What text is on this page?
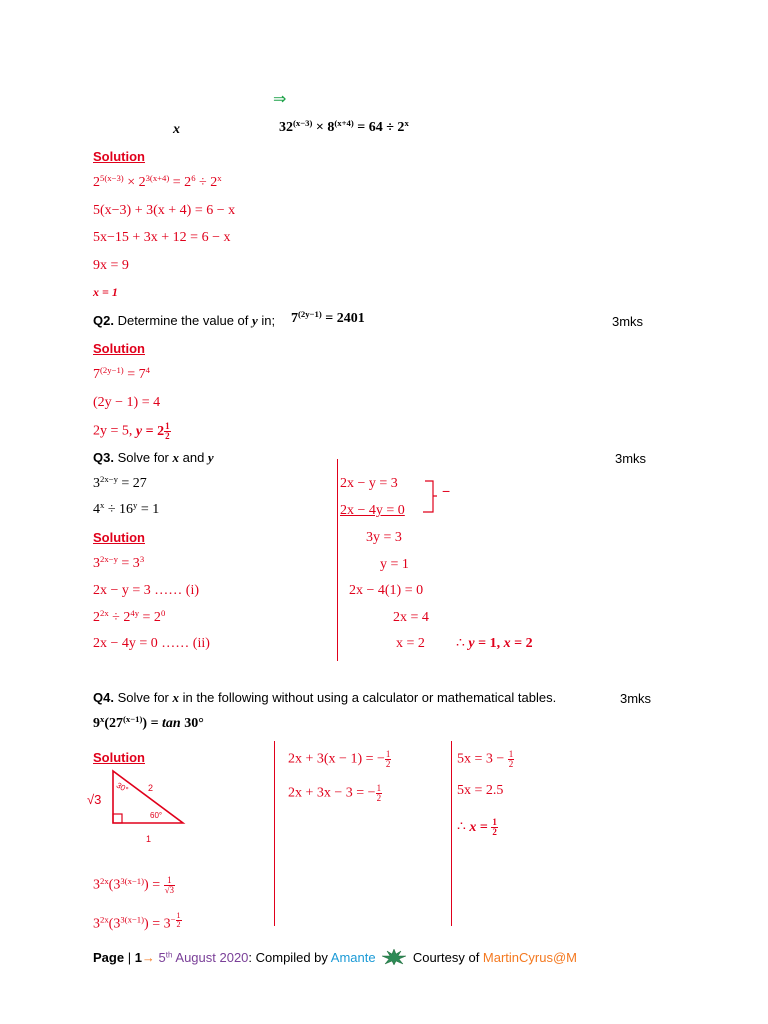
⇒
x	$32^{(x-3)} \times 8^{(x+4)} = 64 \div 2^x$
Solution
$2^{5(x-3)} \times 2^{3(x+4)} = 2^6 \div 2^x$
5(x−3) + 3(x + 4) = 6 − x
5x−15 + 3x + 12 = 6 − x
9x = 9
x = 1
Q2. Determine the value of y in; $7^{(2y-1)} = 2401$	3mks
Solution
$7^{(2y-1)} = 7^4$
(2y − 1) = 4
2y = 5, $y = 2 \frac{1}{2}$
Q3. Solve for x and y	3mks
$3^{2x-y} = 27$
$4^x \div 16^y = 1$
Solution
$3^{2x-y} = 3^3$
2x − y = 3 …… (i)
$2^{2x} \div 2^{4y} = 2^0$
2x − 4y = 0 …… (ii)
2x − y = 3
2x − 4y = 0
−
3y = 3
y = 1
2x − 4(1) = 0
2x = 4
x = 2 ∴ y = 1, x = 2
Q4. Solve for x in the following without using a calculator or mathematical tables.	3mks
$9^x(27^{(x-1)}) = \tan 30^\circ$
Solution
√3
2
1
30°
60°
$3^{2x}(3^{3(x-1)}) = \frac{1}{√3}$
$3^{2x}(3^{3(x-1)}) = 3^{- \frac{1}{2}}$
2x + 3(x − 1) = − $\frac{1}{2}$
2x + 3x − 3 = − $\frac{1}{2}$
$5x = 3 - \frac{1}{2}$
5x = 2.5
∴ $x = \frac{1}{2}$
Page | 1→ 5th August 2020: Compiled by Amante	Courtesy of MartinCyrus@M
